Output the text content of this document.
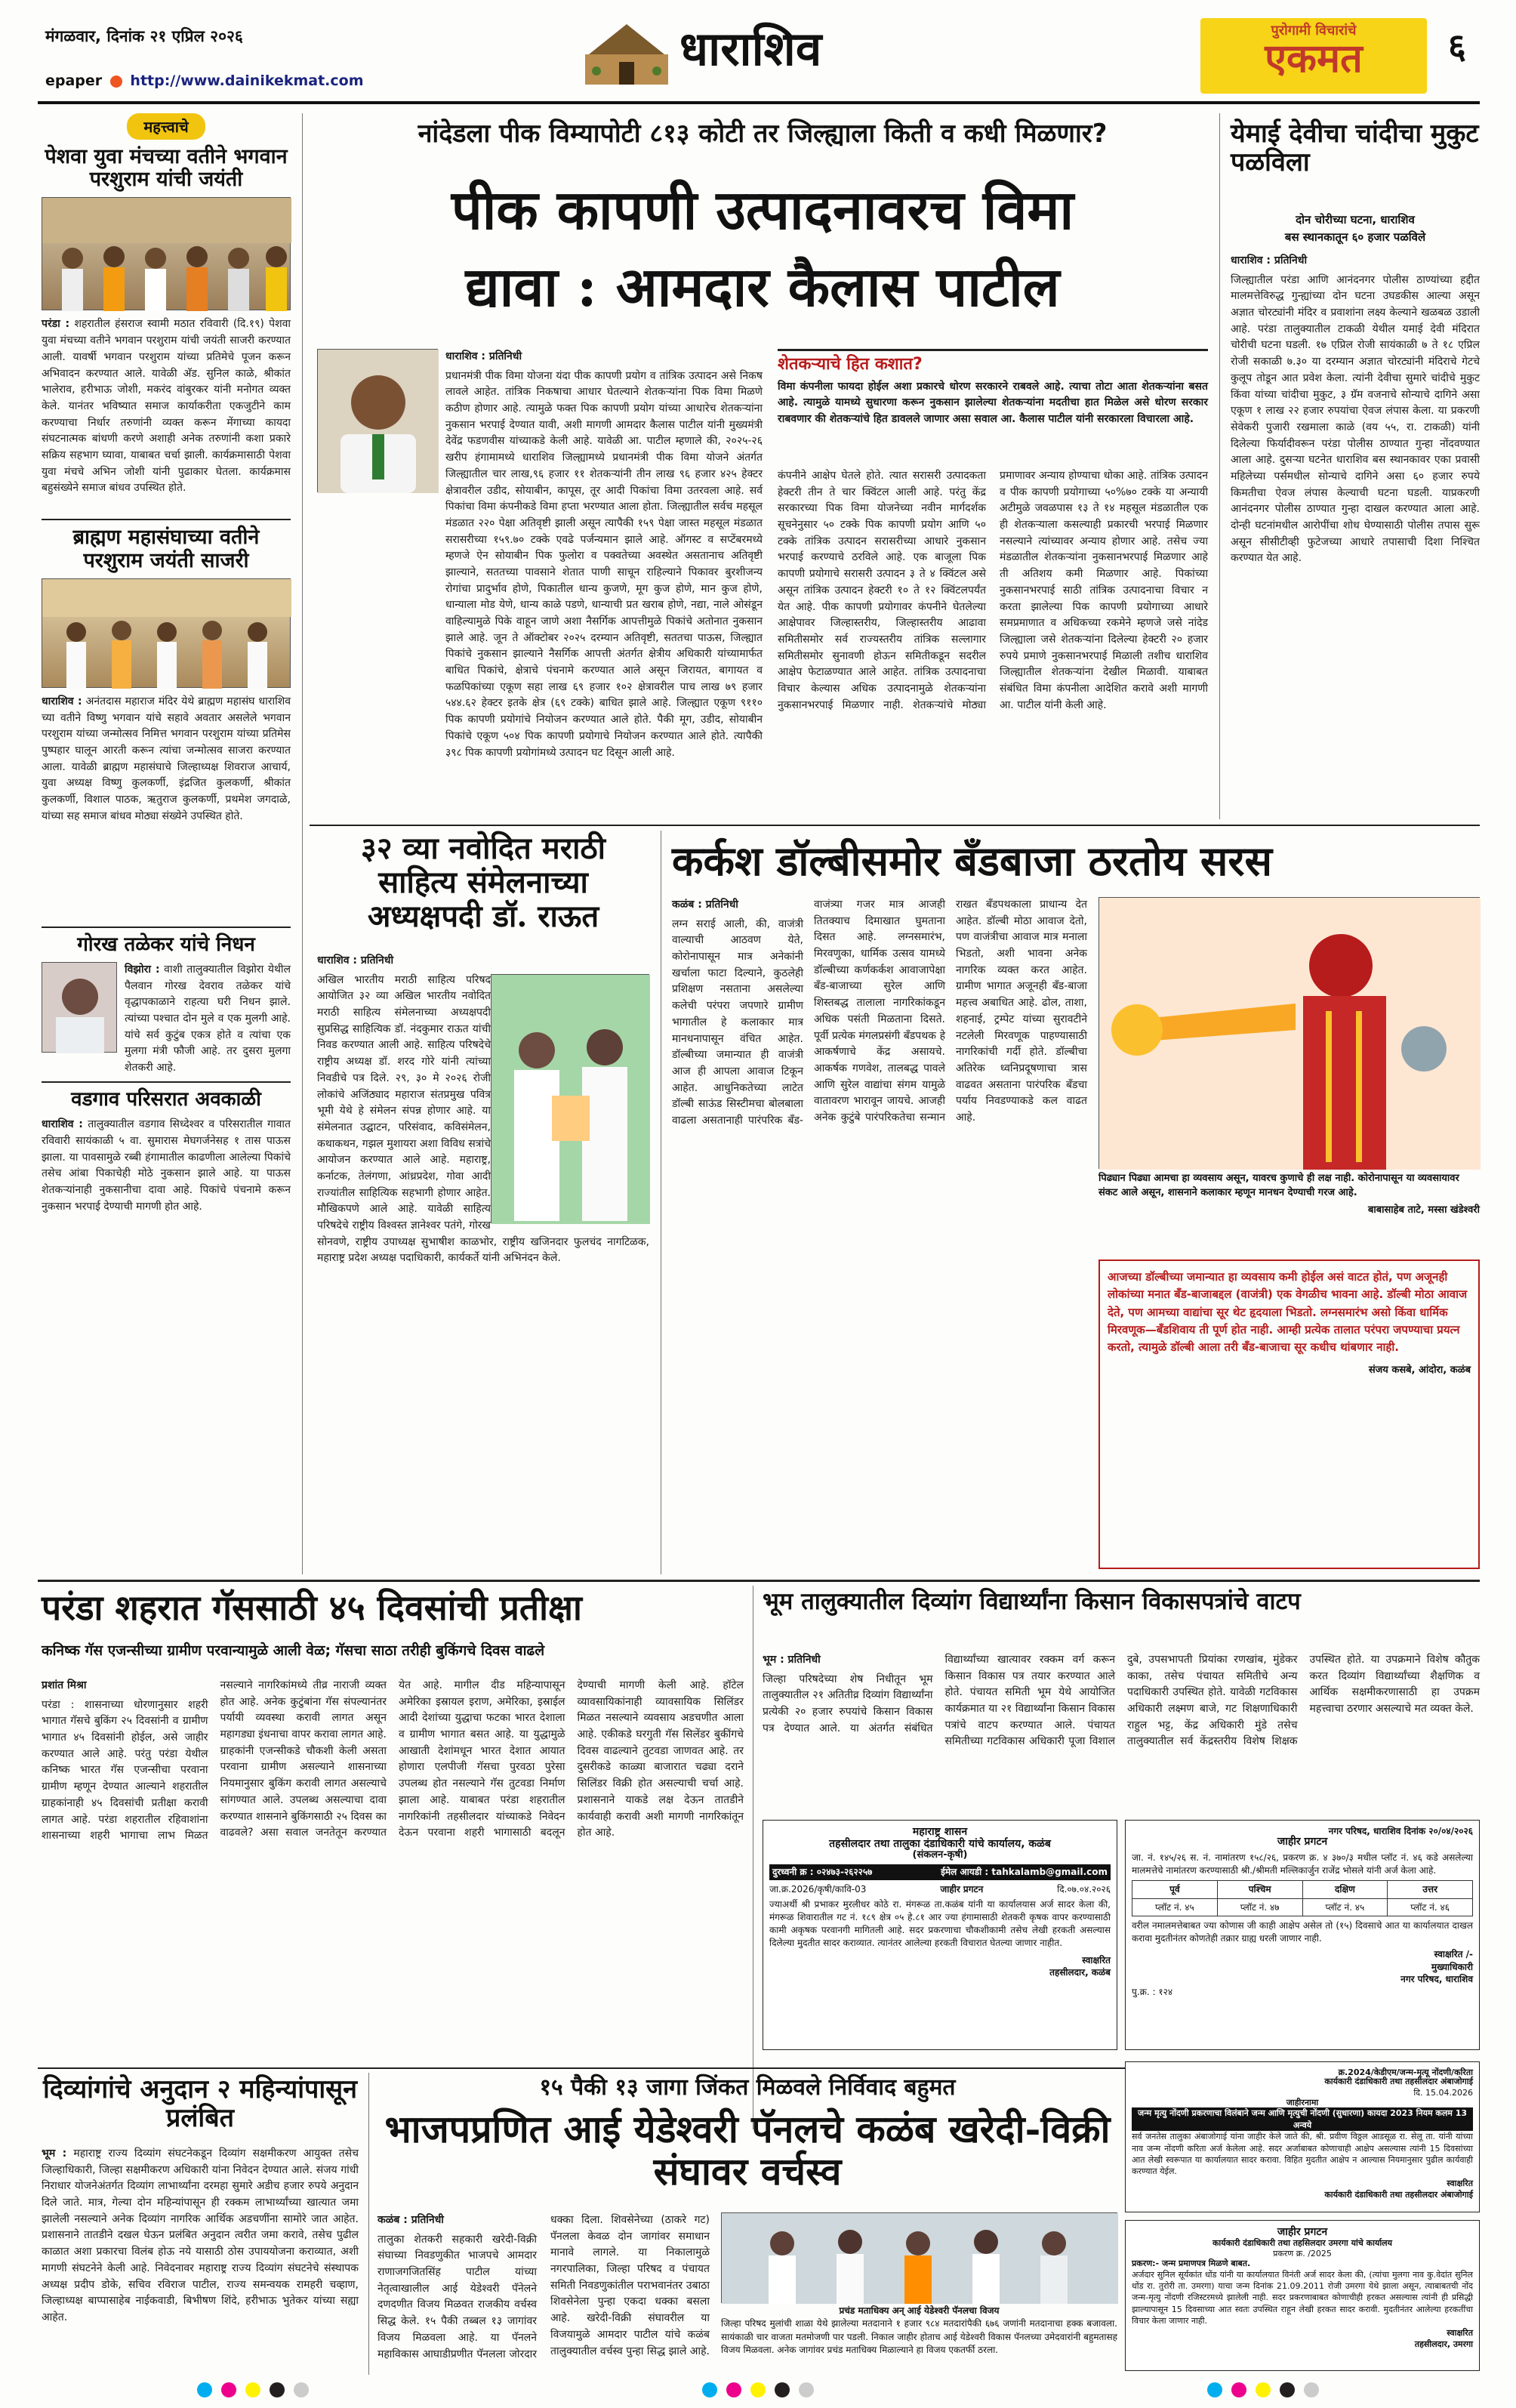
मंगळवार, दिनांक २१ एप्रिल २०२६
epaper http://www.dainikekmat.com
धाराशिव	पुरोगामी विचारांचे
एकमत	६
महत्त्वाचे
पेशवा युवा मंचच्या वतीने भगवान परशुराम यांची जयंती
परंडा : शहरातील हंसराज स्वामी मठात रविवारी (दि.१९) पेशवा युवा मंचच्या वतीने भगवान परशुराम यांची जयंती साजरी करण्यात आली. यावर्षी भगवान परशुराम यांच्या प्रतिमेचे पूजन करून अभिवादन करण्यात आले. यावेळी अ‍ॅड. सुनिल काळे, श्रीकांत भालेराव, हरीभाऊ जोशी, मकरंद वांबुरकर यांनी मनोगत व्यक्त केले. यानंतर भविष्यात समाज कार्याकरीता एकजुटीने काम करण्याचा निर्धार तरुणांनी व्यक्त करून मेंगाच्या कायदा संघटनात्मक बांधणी करणे अशाही अनेक तरुणांनी कशा प्रकारे सक्रिय सहभाग घ्यावा, याबाबत चर्चा झाली. कार्यक्रमासाठी पेशवा युवा मंचचे अभिन जोशी यांनी पुढाकार घेतला. कार्यक्रमास बहुसंख्येने समाज बांधव उपस्थित होते.
ब्राह्मण महासंघाच्या वतीने परशुराम जयंती साजरी
धाराशिव : अनंतदास महाराज मंदिर येथे ब्राह्मण महासंघ धाराशिव च्या वतीने विष्णु भगवान यांचे सहावे अवतार असलेले भगवान परशुराम यांच्या जन्मोत्सव निमित्त भगवान परशुराम यांच्या प्रतिमेस पुष्पहार घालून आरती करून त्यांचा जन्मोत्सव साजरा करण्यात आला. यावेळी ब्राह्मण महासंघाचे जिल्हाध्यक्ष शिवराज आचार्य, युवा अध्यक्ष विष्णु कुलकर्णी, इंद्रजित कुलकर्णी, श्रीकांत कुलकर्णी, विशाल पाठक, ऋतुराज कुलकर्णी, प्रथमेश जगदाळे, यांच्या सह समाज बांधव मोठ्या संख्येने उपस्थित होते.
गोरख तळेकर यांचे निधन
विझोरा : वाशी तालुक्यातील विझोरा येथील पैलवान गोरख देवराव तळेकर यांचे वृद्धापकाळाने राहत्या घरी निधन झाले. त्यांच्या पश्चात दोन मुले व एक मुलगी आहे. यांचे सर्व कुटुंब एकत्र होते व त्यांचा एक मुलगा मंत्री फौजी आहे. तर दुसरा मुलगा शेतकरी आहे.
वडगाव परिसरात अवकाळी
धाराशिव : तालुक्यातील वडगाव सिध्देश्वर व परिसरातील गावात रविवारी सायंकाळी ५ वा. सुमारास मेघगर्जनेसह १ तास पाऊस झाला. या पावसामुळे रब्बी हंगामातील काढणीला आलेल्या पिकांचे तसेच आंबा पिकाचेही मोठे नुकसान झाले आहे. या पाऊस शेतकऱ्यांनाही नुकसानीचा दावा आहे. पिकांचे पंचनामे करून नुकसान भरपाई देण्याची मागणी होत आहे.
नांदेडला पीक विम्यापोटी ८१३ कोटी तर जिल्ह्याला किती व कधी मिळणार?
पीक कापणी उत्पादनावरच विमा
द्यावा : आमदार कैलास पाटील
धाराशिव : प्रतिनिधी
प्रधानमंत्री पीक विमा योजना यंदा पीक कापणी प्रयोग व तांत्रिक उत्पादन असे निकष लावले आहेत. तांत्रिक निकषाचा आधार घेतल्याने शेतकऱ्यांना पिक विमा मिळणे कठीण होणार आहे. त्यामुळे फक्त पिक कापणी प्रयोग यांच्या आधारेच शेतकऱ्यांना नुकसान भरपाई देण्यात यावी, अशी मागणी आमदार कैलास पाटील यांनी मुख्यमंत्री देवेंद्र फडणवीस यांच्याकडे केली आहे. यावेळी आ. पाटील म्हणाले की, २०२५-२६ खरीप हंगामामध्ये धाराशिव जिल्ह्यामध्ये प्रधानमंत्री पीक विमा योजने अंतर्गत जिल्ह्यातील चार लाख,९६ हजार ११ शेतकऱ्यांनी तीन लाख ९६ हजार ४२५ हेक्टर क्षेत्रावरील उडीद, सोयाबीन, कापूस, तूर आदी पिकांचा विमा उतरवला आहे. सर्व पिकांचा विमा कंपनीकडे विमा हप्ता भरण्यात आला होता. जिल्ह्यातील सर्वच महसूल मंडळात २२० पेक्षा अतिवृष्टी झाली असून त्यापैकी १५९ पेक्षा जास्त महसूल मंडळात सरासरीच्या १५९.७० टक्के एवढे पर्जन्यमान झाले आहे. ऑगस्ट व सप्टेंबरमध्ये म्हणजे ऐन सोयाबीन पिक फुलोरा व पक्वतेच्या अवस्थेत असतानाच अतिवृष्टी झाल्याने, सततच्या पावसाने शेतात पाणी साचून राहिल्याने पिकावर बुरशीजन्य रोगांचा प्रादुर्भाव होणे, पिकातील धान्य कुजणे, मूग कुज होणे, मान कुज होणे, धान्याला मोड येणे, धान्य काळे पडणे, धान्याची प्रत खराब होणे, नद्या, नाले ओसंडून वाहिल्यामुळे पिके वाहून जाणे अशा नैसर्गिक आपत्तीमुळे पिकांचे अतोनात नुकसान झाले आहे. जून ते ऑक्टोबर २०२५ दरम्यान अतिवृष्टी, सततचा पाऊस, जिल्ह्यात पिकांचे नुकसान झाल्याने नैसर्गिक आपत्ती अंतर्गत क्षेत्रीय अधिकारी यांच्यामार्फत बाधित पिकांचे, क्षेत्राचे पंचनामे करण्यात आले असून जिरायत, बागायत व फळपिकांच्या एकूण सहा लाख ६९ हजार १०२ क्षेत्रावरील पाच लाख ७९ हजार ५४४.६२ हेक्टर इतके क्षेत्र (६९ टक्के) बाधित झाले आहे. जिल्ह्यात एकूण ९११० पिक कापणी प्रयोगांचे नियोजन करण्यात आले होते. पैकी मूग, उडीद, सोयाबीन पिकांचे एकूण ५०४ पिक कापणी प्रयोगाचे नियोजन करण्यात आले होते. त्यापैकी ३९८ पिक कापणी प्रयोगांमध्ये उत्पादन घट दिसून आली आहे.
शेतकऱ्याचे हित कशात?
विमा कंपनीला फायदा होईल अशा प्रकारचे धोरण सरकारने राबवले आहे. त्याचा तोटा आता शेतकऱ्यांना बसत आहे. त्यामुळे यामध्ये सुधारणा करून नुकसान झालेल्या शेतकऱ्यांना मदतीचा हात मिळेल असे धोरण सरकार राबवणार की शेतकऱ्यांचे हित डावलले जाणार असा सवाल आ. कैलास पाटील यांनी सरकारला विचारला आहे.
कंपनीने आक्षेप घेतले होते. त्यात सरासरी उत्पादकता हेक्टरी तीन ते चार क्विंटल आली आहे. परंतु केंद्र सरकारच्या पिक विमा योजनेच्या नवीन मार्गदर्शक सूचनेनुसार ५० टक्के पिक कापणी प्रयोग आणि ५० टक्के तांत्रिक उत्पादन सरासरीच्या आधारे नुकसान भरपाई करण्याचे ठरविले आहे. एक बाजूला पिक कापणी प्रयोगाचे सरासरी उत्पादन ३ ते ४ क्विंटल असे असून तांत्रिक उत्पादन हेक्टरी १० ते १२ क्विंटलपर्यंत येत आहे. पीक कापणी प्रयोगावर कंपनीने घेतलेल्या आक्षेपावर जिल्हास्तरीय, जिल्हास्तरीय आढावा समितीसमोर सर्व राज्यस्तरीय तांत्रिक सल्लागार समितीसमोर सुनावणी होऊन समितीकडून सदरील आक्षेप फेटाळण्यात आले आहेत. तांत्रिक उत्पादनाचा विचार केल्यास अधिक उत्पादनामुळे शेतकऱ्यांना नुकसानभरपाई मिळणार नाही. शेतकऱ्यांचे मोठ्या प्रमाणावर अन्याय होण्याचा धोका आहे. तांत्रिक उत्पादन व पीक कापणी प्रयोगाच्या ५०%७० टक्के या अन्यायी अटीमुळे जवळपास १३ ते १४ महसूल मंडळातील एक ही शेतकऱ्याला कसल्याही प्रकारची भरपाई मिळणार नसल्याने त्यांच्यावर अन्याय होणार आहे. तसेच ज्या मंडळातील शेतकऱ्यांना नुकसानभरपाई मिळणार आहे ती अतिशय कमी मिळणार आहे. पिकांच्या नुकसानभरपाई साठी तांत्रिक उत्पादनाचा विचार न करता झालेल्या पिक कापणी प्रयोगाच्या आधारे समप्रमाणात व अधिकच्या रकमेने म्हणजे जसे नांदेड जिल्ह्याला जसे शेतकऱ्यांना दिलेल्या हेक्टरी २० हजार रुपये प्रमाणे नुकसानभरपाई मिळाली तशीच धाराशिव जिल्ह्यातील शेतकऱ्यांना देखील मिळावी. याबाबत संबंधित विमा कंपनीला आदेशित करावे अशी मागणी आ. पाटील यांनी केली आहे.
येमाई देवीचा चांदीचा मुकुट पळविला
दोन चोरीच्या घटना, धाराशिव
बस स्थानकातून ६० हजार पळविले
धाराशिव : प्रतिनिधी
जिल्ह्यातील परंडा आणि आनंदनगर पोलीस ठाण्यांच्या हद्दीत मालमत्तेविरुद्ध गुन्ह्यांच्या दोन घटना उघडकीस आल्या असून अज्ञात चोरट्यांनी मंदिर व प्रवाशांना लक्ष्य केल्याने खळबळ उडाली आहे. परंडा तालुक्यातील टाकळी येथील यमाई देवी मंदिरात चोरीची घटना घडली. १७ एप्रिल रोजी सायंकाळी ७ ते १८ एप्रिल रोजी सकाळी ७.३० या दरम्यान अज्ञात चोरट्यांनी मंदिराचे गेटचे कुलूप तोडून आत प्रवेश केला. त्यांनी देवीचा सुमारे चांदीचे मुकुट किंवा यांच्या चांदीचा मुकुट, ३ ग्रॅम वजनाचे सोन्याचे दागिने असा एकूण १ लाख २२ हजार रुपयांचा ऐवज लंपास केला. या प्रकरणी सेवेकरी पुजारी रखमाला काळे (वय ५५, रा. टाकळी) यांनी दिलेल्या फिर्यादीवरून परंडा पोलीस ठाण्यात गुन्हा नोंदवण्यात आला आहे. दुसऱ्या घटनेत धाराशिव बस स्थानकावर एका प्रवासी महिलेच्या पर्समधील सोन्याचे दागिने असा ६० हजार रुपये किमतीचा ऐवज लंपास केल्याची घटना घडली. याप्रकरणी आनंदनगर पोलीस ठाण्यात गुन्हा दाखल करण्यात आला आहे. दोन्ही घटनांमधील आरोपींचा शोध घेण्यासाठी पोलीस तपास सुरू असून सीसीटीव्ही फुटेजच्या आधारे तपासाची दिशा निश्चित करण्यात येत आहे.
३२ व्या नवोदित मराठी साहित्य संमेलनाच्या अध्यक्षपदी डॉ. राऊत
धाराशिव : प्रतिनिधी
अखिल भारतीय मराठी साहित्य परिषद आयोजित ३२ व्या अखिल भारतीय नवोदित मराठी साहित्य संमेलनाच्या अध्यक्षपदी सुप्रसिद्ध साहित्यिक डॉ. नंदकुमार राऊत यांची निवड करण्यात आली आहे. साहित्य परिषदेचे राष्ट्रीय अध्यक्ष डॉ. शरद गोरे यांनी त्यांच्या निवडीचे पत्र दिले. २९, ३० मे २०२६ रोजी लोकांचे अजिंठ्याद महाराज संतप्रमुख पवित्र भूमी येथे हे संमेलन संपन्न होणार आहे. या संमेलनात उद्घाटन, परिसंवाद, कविसंमेलन, कथाकथन, गझल मुशायरा अशा विविध सत्रांचे आयोजन करण्यात आले आहे. महाराष्ट्र, कर्नाटक, तेलंगणा, आंध्रप्रदेश, गोवा आदी राज्यांतील साहित्यिक सहभागी होणार आहेत. मौखिकपणे आले आहे. यावेळी साहित्य परिषदेचे राष्ट्रीय विश्वस्त ज्ञानेश्वर पतंगे, गोरख सोनवणे, राष्ट्रीय उपाध्यक्ष सुभाषीश काळभोर, राष्ट्रीय खजिनदार फुलचंद नागटिळक, महाराष्ट्र प्रदेश अध्यक्ष पदाधिकारी, कार्यकर्ते यांनी अभिनंदन केले.
कर्कश डॉल्बीसमोर बँडबाजा ठरतोय सरस
कळंब : प्रतिनिधी
लग्न सराई आली, की, वाजंत्री वाल्याची आठवण येते, कोरोनापासून मात्र अनेकांनी खर्चाला फाटा दिल्याने, कुठलेही प्रशिक्षण नसताना असलेल्या कलेची परंपरा जपणारे ग्रामीण भागातील हे कलाकार मात्र मानधनापासून वंचित आहेत. डॉल्बीच्या जमान्यात ही वाजंत्री आज ही आपला आवाज टिकून आहेत. आधुनिकतेच्या लाटेत डॉल्बी साऊंड सिस्टीमचा बोलबाला वाढला असतानाही पारंपरिक बँड-वाजंत्र्या गजर मात्र आजही तितक्याच दिमाखात घुमताना दिसत आहे. लग्नसमारंभ, मिरवणुका, धार्मिक उत्सव यामध्ये डॉल्बीच्या कर्णकर्कश आवाजापेक्षा बँड-बाजाच्या सुरेल आणि शिस्तबद्ध तालाला नागरिकांकडून अधिक पसंती मिळताना दिसते. पूर्वी प्रत्येक मंगलप्रसंगी बँडपथक हे आकर्षणाचे केंद्र असायचे. आकर्षक गणवेश, तालबद्ध पावले आणि सुरेल वाद्यांचा संगम यामुळे वातावरण भारावून जायचे. आजही अनेक कुटुंबे पारंपरिकतेचा सन्मान राखत बँडपथकाला प्राधान्य देत आहेत. डॉल्बी मोठा आवाज देतो, पण वाजंत्रीचा आवाज मात्र मनाला भिडतो, अशी भावना अनेक नागरिक व्यक्त करत आहेत. ग्रामीण भागात अजूनही बँड-बाजा महत्त्व अबाधित आहे. ढोल, ताशा, शहनाई, ट्रम्पेट यांच्या सुरावटीने नटलेली मिरवणूक पाहण्यासाठी नागरिकांची गर्दी होते. डॉल्बीचा अतिरेक ध्वनिप्रदूषणाचा त्रास वाढवत असताना पारंपरिक बँडचा पर्याय निवडण्याकडे कल वाढत आहे.
पिढ्यान पिढ्या आमचा हा व्यवसाय असून, यावरच कुणाचे ही लक्ष नाही. कोरोनापासून या व्यवसायावर संकट आले असून, शासनाने कलाकार म्हणून मानधन देण्याची गरज आहे.
बाबासाहेब ताटे, मस्सा खंडेश्वरी
आजच्या डॉल्बीच्या जमान्यात हा व्यवसाय कमी होईल असं वाटत होतं, पण अजूनही लोकांच्या मनात बँड-बाजाबद्दल (वाजंत्री) एक वेगळीच भावना आहे. डॉल्बी मोठा आवाज देते, पण आमच्या वाद्यांचा सूर थेट हृदयाला भिडतो. लग्नसमारंभ असो किंवा धार्मिक मिरवणूक—बँडशिवाय ती पूर्ण होत नाही. आम्ही प्रत्येक तालात परंपरा जपण्याचा प्रयत्न करतो, त्यामुळे डॉल्बी आला तरी बँड-बाजाचा सूर कधीच थांबणार नाही.
संजय कसबे, आंदोरा, कळंब
परंडा शहरात गॅससाठी ४५ दिवसांची प्रतीक्षा
कनिष्क गॅस एजन्सीच्या ग्रामीण परवान्यामुळे आली वेळ; गॅसचा साठा तरीही बुकिंगचे दिवस वाढले
प्रशांत मिश्रा
परंडा : शासनाच्या धोरणानुसार शहरी भागात गॅसचे बुकिंग २५ दिवसांनी व ग्रामीण भागात ४५ दिवसांनी होईल, असे जाहीर करण्यात आले आहे. परंतु परंडा येथील कनिष्क भारत गॅस एजन्सीचा परवाना ग्रामीण म्हणून देण्यात आल्याने शहरातील ग्राहकांनाही ४५ दिवसांची प्रतीक्षा करावी लागत आहे. परंडा शहरातील रहिवाशांना शासनाच्या शहरी भागाचा लाभ मिळत नसल्याने नागरिकांमध्ये तीव्र नाराजी व्यक्त होत आहे. अनेक कुटुंबांना गॅस संपल्यानंतर पर्यायी व्यवस्था करावी लागत असून महागड्या इंधनाचा वापर करावा लागत आहे. ग्राहकांनी एजन्सीकडे चौकशी केली असता परवाना ग्रामीण असल्याने शासनाच्या नियमानुसार बुकिंग करावी लागत असल्याचे सांगण्यात आले. उपलब्ध असल्याचा दावा करण्यात शासनाने बुकिंगसाठी २५ दिवस का वाढवले? असा सवाल जनतेतून करण्यात येत आहे. मागील दीड महिन्यापासून अमेरिका इस्रायल इराण, अमेरिका, इस्राईल आदी देशांच्या युद्धाचा फटका भारत देशाला व ग्रामीण भागात बसत आहे. या युद्धामुळे आखाती देशांमधून भारत देशात आयात होणारा एलपीजी गॅसचा पुरवठा पुरेसा उपलब्ध होत नसल्याने गॅस तुटवडा निर्माण झाला आहे. याबाबत परंडा शहरातील नागरिकांनी तहसीलदार यांच्याकडे निवेदन देऊन परवाना शहरी भागासाठी बदलून देण्याची मागणी केली आहे. हॉटेल व्यावसायिकांनाही व्यावसायिक सिलिंडर मिळत नसल्याने व्यवसाय अडचणीत आला आहे. एकीकडे घरगुती गॅस सिलेंडर बुकींगचे दिवस वाढल्याने तुटवडा जाणवत आहे. तर दुसरीकडे काळ्या बाजारात चढ्या दराने सिलिंडर विक्री होत असल्याची चर्चा आहे. प्रशासनाने याकडे लक्ष देऊन तातडीने कार्यवाही करावी अशी मागणी नागरिकांतून होत आहे.
भूम तालुक्यातील दिव्यांग विद्यार्थ्यांना किसान विकासपत्रांचे वाटप
भूम : प्रतिनिधी
जिल्हा परिषदेच्या शेष निधीतून भूम तालुक्यातील २१ अतितीव्र दिव्यांग विद्यार्थ्यांना प्रत्येकी २० हजार रुपयांचे किसान विकास पत्र देण्यात आले. या अंतर्गत संबंधित विद्यार्थ्यांच्या खात्यावर रक्कम वर्ग करून किसान विकास पत्र तयार करण्यात आले होते. पंचायत समिती भूम येथे आयोजित कार्यक्रमात या २१ विद्यार्थ्यांना किसान विकास पत्रांचे वाटप करण्यात आले. पंचायत समितीच्या गटविकास अधिकारी पूजा विशाल दुबे, उपसभापती प्रियांका रणखांब, मुंडेकर काका, तसेच पंचायत समितीचे अन्य पदाधिकारी उपस्थित होते. यावेळी गटविकास अधिकारी लक्ष्मण बाजे, गट शिक्षणाधिकारी राहुल भट्ट, केंद्र अधिकारी मुंडे तसेच तालुक्यातील सर्व केंद्रस्तरीय विशेष शिक्षक उपस्थित होते. या उपक्रमाने विशेष कौतुक करत दिव्यांग विद्यार्थ्यांच्या शैक्षणिक व आर्थिक सक्षमीकरणासाठी हा उपक्रम महत्त्वाचा ठरणार असल्याचे मत व्यक्त केले.
महाराष्ट्र शासन
तहसीलदार तथा तालुका दंडाधिकारी यांचे कार्यालय, कळंब
(संकलन-कृषी)
दुरध्वनी क्र : ०२४७३-२६२२५७	ईमेल आयडी : tahkalamb@gmail.com
जा.क्र.2026/कृषी/कावि-03	जाहीर प्रगटन	दि.०७.०४.२०२६
ज्याअर्थी श्री प्रभाकर मुरलीधर कोठे रा. मंगरूळ ता.कळंब यांनी या कार्यालयास अर्ज सादर केला की, मंगरूळ शिवारातील गट नं. १८९ क्षेत्र ०५ हे.८१ आर ज्या हंगामासाठी शेतकरी कृषक वापर करण्यासाठी कामी अकृषक परवानगी मागितली आहे. सदर प्रकरणाचा चौकशीकामी तसेच लेखी हरकती असल्यास दिलेल्या मुदतीत सादर कराव्यात. त्यानंतर आलेल्या हरकती विचारात घेतल्या जाणार नाहीत.
स्वाक्षरित
तहसीलदार, कळंब
नगर परिषद, धाराशिव दिनांक २०/०४/२०२६
जाहीर प्रगटन
जा. नं. १४५/२६ स. नं. नामांतरण १५८/२६, प्रकरण क्र. ४ ३७०/३ मधील प्लॉट नं. ४६ कडे असलेल्या मालमत्तेचे नामांतरण करण्यासाठी श्री./श्रीमती मल्लिकार्जुन राजेंद्र भोसले यांनी अर्ज केला आहे.
पूर्व	पश्चिम	दक्षिण	उत्तर
प्लॉट नं. ४५	प्लॉट नं. ४७	प्लॉट नं. ४५	प्लॉट नं. ४६
वरील नमालमत्तेबाबत ज्या कोणास जी काही आक्षेप असेल तो (१५) दिवसाचे आत या कार्यालयात दाखल करावा मुदतीनंतर कोणतेही तक्रार ग्राह्य धरली जाणार नाही.
स्वाक्षरित /-
मुख्याधिकारी
नगर परिषद, धाराशिव
पु.क्र. : १२४
दिव्यांगांचे अनुदान २ महिन्यांपासून प्रलंबित
भूम : महाराष्ट्र राज्य दिव्यांग संघटनेकडून दिव्यांग सक्षमीकरण आयुक्त तसेच जिल्हाधिकारी, जिल्हा सक्षमीकरण अधिकारी यांना निवेदन देण्यात आले. संजय गांधी निराधार योजनेअंतर्गत दिव्यांग लाभार्थ्यांना दरमहा सुमारे अडीच हजार रुपये अनुदान दिले जाते. मात्र, गेल्या दोन महिन्यांपासून ही रक्कम लाभार्थ्यांच्या खात्यात जमा झालेली नसल्याने अनेक दिव्यांग नागरिक आर्थिक अडचणींना सामोरे जात आहेत. प्रशासनाने तातडीने दखल घेऊन प्रलंबित अनुदान त्वरीत जमा करावे, तसेच पुढील काळात अशा प्रकारचा विलंब होऊ नये यासाठी ठोस उपाययोजना कराव्यात, अशी मागणी संघटनेने केली आहे. निवेदनावर महाराष्ट्र राज्य दिव्यांग संघटनेचे संस्थापक अध्यक्ष प्रदीप डोके, सचिव रविराज पाटील, राज्य समन्वयक रामहरी चव्हाण, जिल्हाध्यक्ष बाप्पासाहेब नाईकवाडी, बिभीषण शिंदे, हरीभाऊ भुतेकर यांच्या सह्या आहेत.
१५ पैकी १३ जागा जिंकत मिळवले निर्विवाद बहुमत
भाजपप्रणित आई येडेश्वरी पॅनलचे कळंब खरेदी-विक्री संघावर वर्चस्व
कळंब : प्रतिनिधी
तालुका शेतकरी सहकारी खरेदी-विक्री संघाच्या निवडणुकीत भाजपचे आमदार राणाजगजितसिंह पाटील यांच्या नेतृत्वाखालील आई येडेश्वरी पॅनेलने दणदणीत विजय मिळवत राजकीय वर्चस्व सिद्ध केले. १५ पैकी तब्बल १३ जागांवर विजय मिळवला आहे. या पॅनलने महाविकास आघाडीप्रणीत पॅनलला जोरदार धक्का दिला. शिवसेनेच्या (ठाकरे गट) पॅनलला केवळ दोन जागांवर समाधान मानावे लागले. या निकालामुळे नगरपालिका, जिल्हा परिषद व पंचायत समिती निवडणुकांतील पराभवानंतर उबाठा शिवसेनेला पुन्हा एकदा धक्का बसला आहे. खरेदी-विक्री संघावरील या विजयामुळे आमदार पाटील यांचे कळंब तालुक्यातील वर्चस्व पुन्हा सिद्ध झाले आहे.
प्रचंड मताधिक्य अन् आई येडेश्वरी पॅनलचा विजय
जिल्हा परिषद मुलांची शाळा येथे झालेल्या मतदानाने १ हजार ९८४ मतदारांपैकी ६७६ जणांनी मतदानाचा हक्क बजावला. सायंकाळी चार वाजता मतमोजणी पार पडली. निकाल जाहीर होताच आई येडेश्वरी विकास पॅनलच्या उमेदवारांनी बहुमतासह विजय मिळवला. अनेक जागांवर प्रचंड मताधिक्य मिळाल्याने हा विजय एकतर्फी ठरला.
क्र.2024/केडीएम/जन्म-मृत्यू नोंदणी/करिता
कार्यकारी दंडाधिकारी तथा तहसीलदार अंबाजोगाई
दि. 15.04.2026
जाहीरनामा
जन्म मृत्यु नोंदणी प्रकरणाचा विलंबाने जन्म आणि मृत्युची नोंदणी (सुधारणा) कायदा 2023 नियम कलम 13 अन्वये
सर्व जनतेस तालुका अंबाजोगाई यांना जाहीर केले जाते की, श्री. प्रवीण विठ्ठल आडसूळ रा. सेलू ता. यांनी यांच्या नाव जन्म नोंदणी करिता अर्ज केलेला आहे. सदर अर्जाबाबत कोणाचाही आक्षेप असल्यास त्यांनी 15 दिवसांच्या आत लेखी स्वरूपात या कार्यालयात सादर करावा. विहित मुदतीत आक्षेप न आल्यास नियमानुसार पुढील कार्यवाही करण्यात येईल.
स्वाक्षरित
कार्यकारी दंडाधिकारी तथा तहसीलदार अंबाजोगाई
जाहीर प्रगटन
कार्यकारी दंडाधिकारी तथा तहसिलदार उमरगा यांचे कार्यालय
प्रकरण क्र. /2025
प्रकरण:- जन्म प्रमाणपत्र मिळणे बाबत.
अर्जदार सुनिल सूर्यकांत धोंड यांनी या कार्यालयात विनंती अर्ज सादर केला की, (त्यांचा मुलगा नाव कु.वेदांत सुनिल धोंड रा. तुरोरी ता. उमरगा) याचा जन्म दिनांक 21.09.2011 रोजी उमरगा येथे झाला असून, त्याबाबतची नोंद जन्म-मृत्यु नोंदणी रजिस्टरमध्ये झालेली नाही. सदर प्रकरणाबाबत कोणाचीही हरकत असल्यास त्यांनी ही प्रसिद्धी झाल्यापासून 15 दिवसाच्या आत स्वतः उपस्थित राहून लेखी हरकत सादर करावी. मुदतीनंतर आलेल्या हरकतींचा विचार केला जाणार नाही.
स्वाक्षरित
तहसीलदार, उमरगा
